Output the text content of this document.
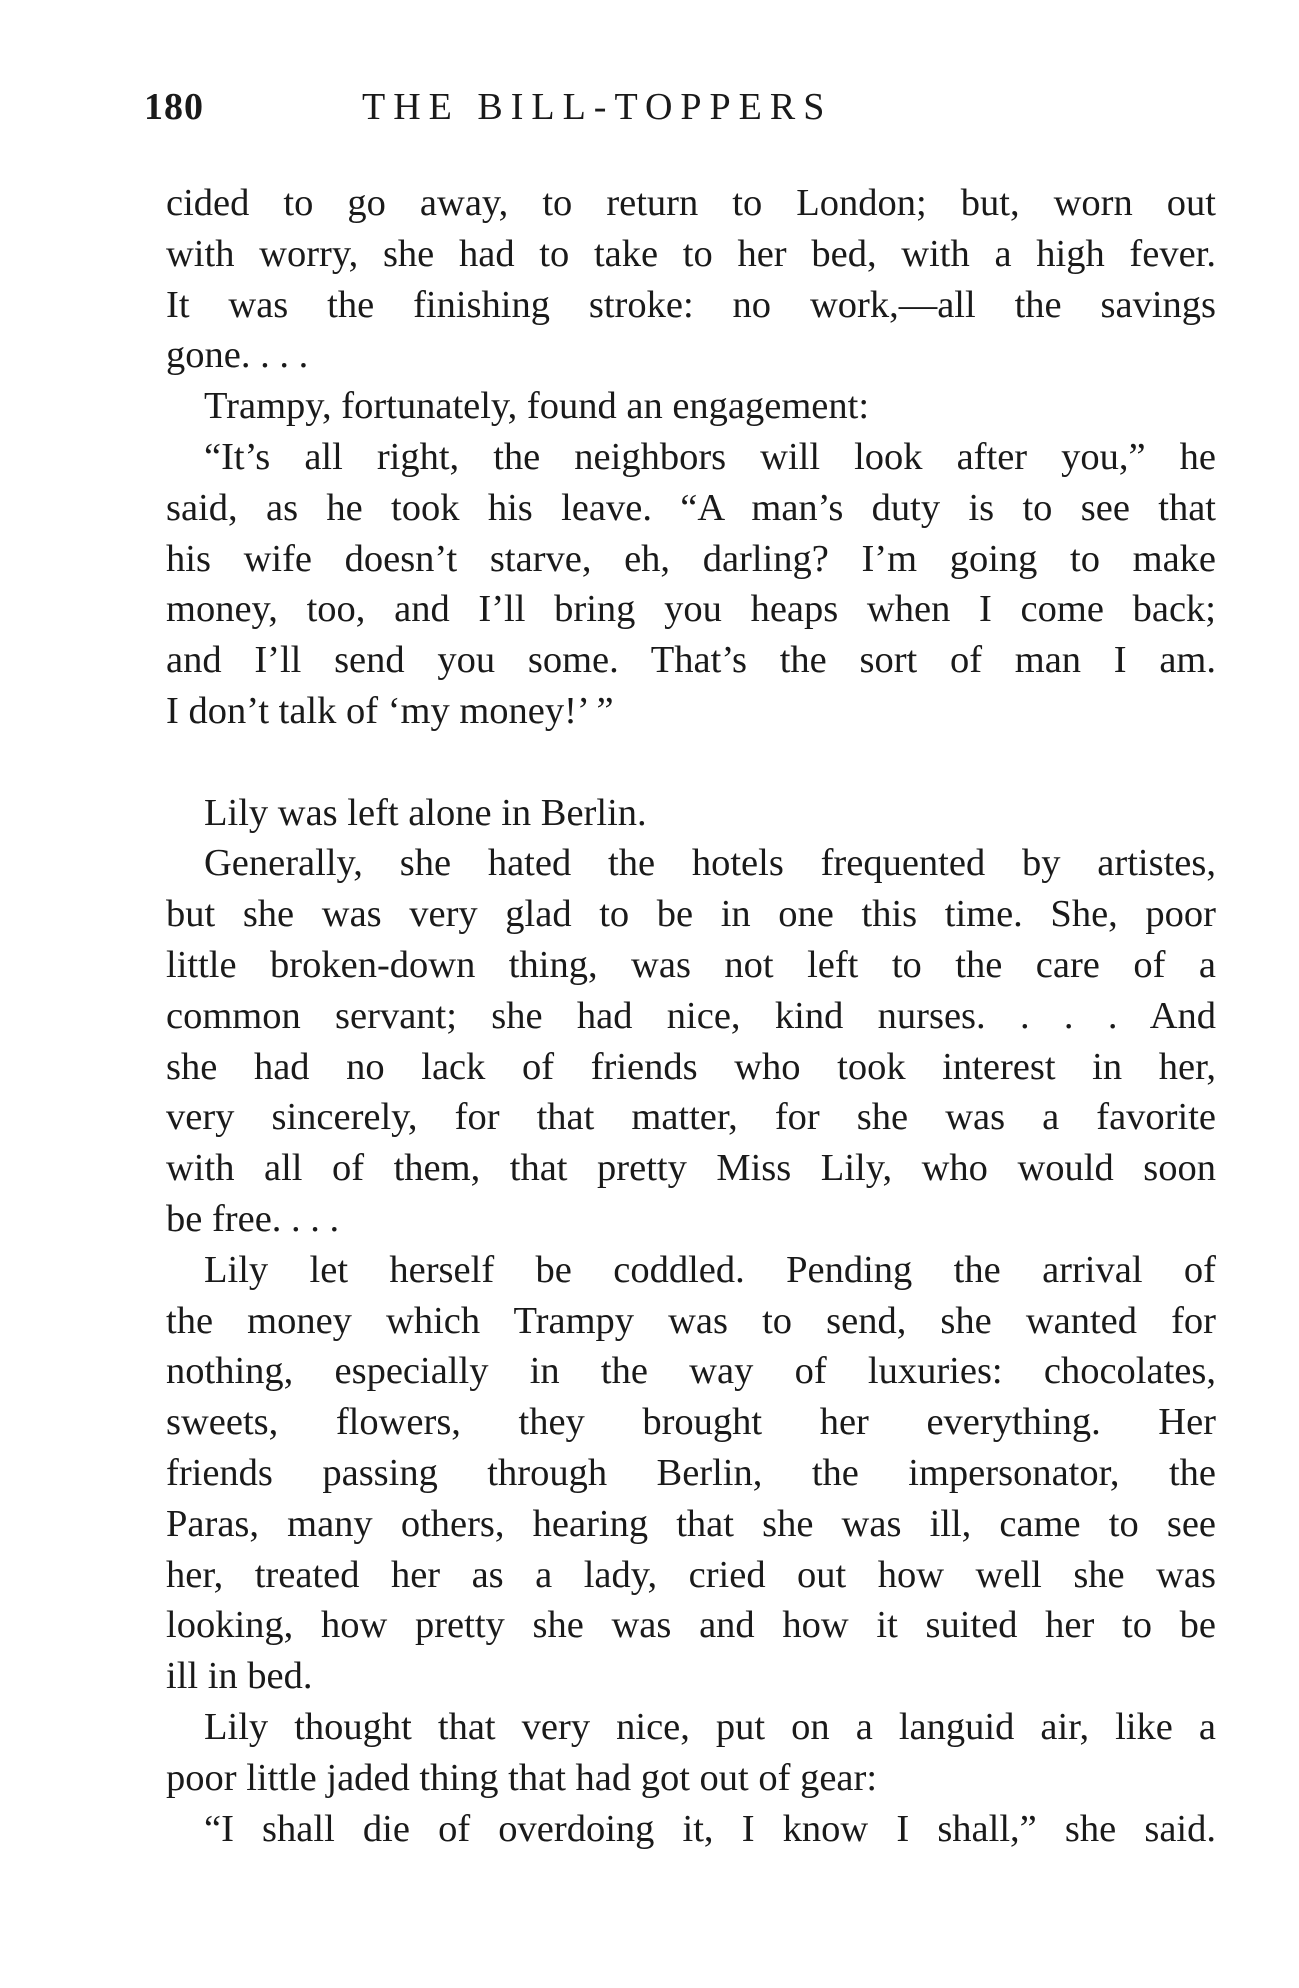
180	THE BILL-TOPPERS
cided to go away, to return to London; but, worn out
with worry, she had to take to her bed, with a high fever.
It was the finishing stroke: no work,—all the savings
gone. . . .
Trampy, fortunately, found an engagement:
“It’s all right, the neighbors will look after you,” he
said, as he took his leave. “A man’s duty is to see that
his wife doesn’t starve, eh, darling? I’m going to make
money, too, and I’ll bring you heaps when I come back;
and I’ll send you some. That’s the sort of man I am.
I don’t talk of ‘my money!’ ”
Lily was left alone in Berlin.
Generally, she hated the hotels frequented by artistes,
but she was very glad to be in one this time. She, poor
little broken-down thing, was not left to the care of a
common servant; she had nice, kind nurses. . . . And
she had no lack of friends who took interest in her,
very sincerely, for that matter, for she was a favorite
with all of them, that pretty Miss Lily, who would soon
be free. . . .
Lily let herself be coddled. Pending the arrival of
the money which Trampy was to send, she wanted for
nothing, especially in the way of luxuries: chocolates,
sweets, flowers, they brought her everything. Her
friends passing through Berlin, the impersonator, the
Paras, many others, hearing that she was ill, came to see
her, treated her as a lady, cried out how well she was
looking, how pretty she was and how it suited her to be
ill in bed.
Lily thought that very nice, put on a languid air, like a
poor little jaded thing that had got out of gear:
“I shall die of overdoing it, I know I shall,” she said.
